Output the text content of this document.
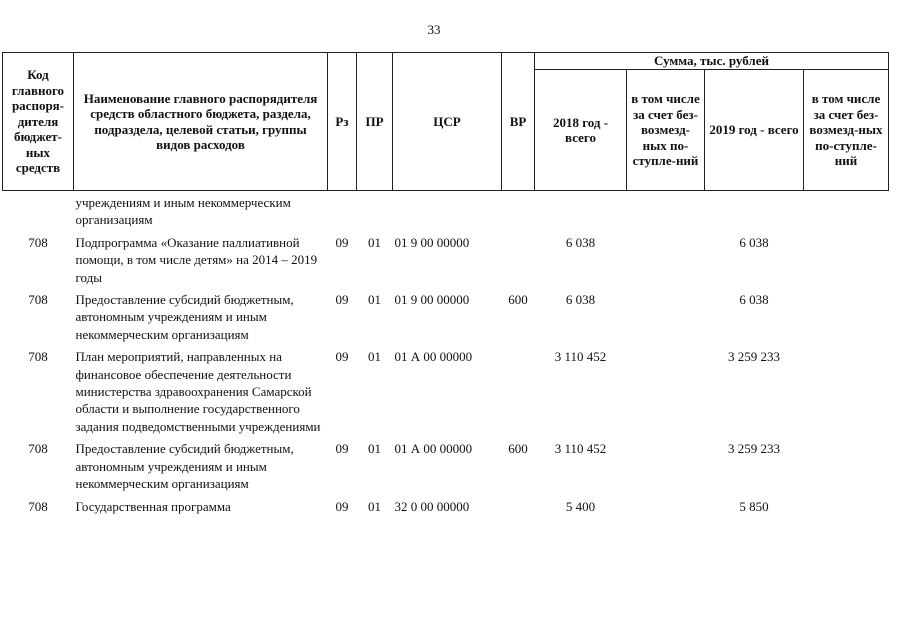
33
Код главного распоря-дителя бюджет-ных средств	Наименование главного распорядителя средств областного бюджета, раздела, подраздела, целевой статьи, группы видов расходов	Рз	ПР	ЦСР	ВР	Сумма, тыс. рублей			
						2018 год - всего	в том числе за счет без-возмезд-ных по-ступле-ний	2019 год - всего	в том числе за счет без-возмезд-ных по-ступле-ний
	учреждениям и иным некоммерческим организациям								
708	Подпрограмма «Оказание паллиативной помощи, в том числе детям» на 2014 – 2019 годы	09	01	01 9 00 00000		6 038		6 038	
708	Предоставление субсидий бюджетным, автономным учреждениям и иным некоммерческим организациям	09	01	01 9 00 00000	600	6 038		6 038	
708	План мероприятий, направленных на финансовое обеспечение деятельности министерства здравоохранения Самарской области и выполнение государственного задания подведомственными учреждениями	09	01	01 А 00 00000		3 110 452		3 259 233	
708	Предоставление субсидий бюджетным, автономным учреждениям и иным некоммерческим организациям	09	01	01 А 00 00000	600	3 110 452		3 259 233	
708	Государственная программа	09	01	32 0 00 00000		5 400		5 850	
